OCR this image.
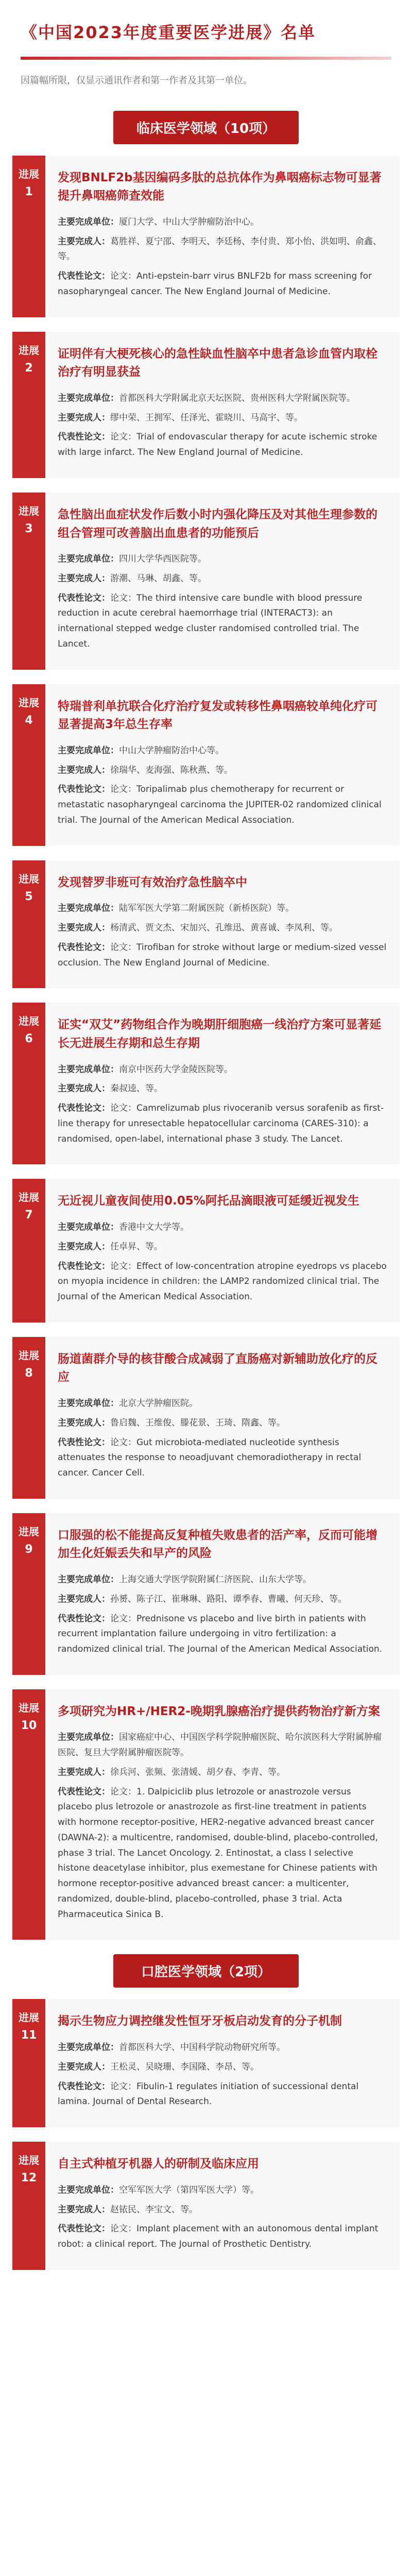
《中国2023年度重要医学进展》名单
因篇幅所限，仅显示通讯作者和第一作者及其第一单位。
临床医学领域（10项）
进展
1
发现BNLF2b基因编码多肽的总抗体作为鼻咽癌标志物可显著提升鼻咽癌筛查效能
主要完成单位：厦门大学、中山大学肿瘤防治中心。
主要完成人：葛胜祥、夏宁邵、李明天、李廷杨、李付贵、郑小怡、洪如明、俞鑫、等。
代表性论文：论文：Anti-epstein-barr virus BNLF2b for mass screening for nasopharyngeal cancer. The New England Journal of Medicine.
进展
2
证明伴有大梗死核心的急性缺血性脑卒中患者急诊血管内取栓治疗有明显获益
主要完成单位：首都医科大学附属北京天坛医院、贵州医科大学附属医院等。
主要完成人：缪中荣、王拥军、任泽光、霍晓川、马高宇、等。
代表性论文：论文：Trial of endovascular therapy for acute ischemic stroke with large infarct. The New England Journal of Medicine.
进展
3
急性脑出血症状发作后数小时内强化降压及对其他生理参数的组合管理可改善脑出血患者的功能预后
主要完成单位：四川大学华西医院等。
主要完成人：游潮、马琳、胡鑫、等。
代表性论文：论文：The third intensive care bundle with blood pressure reduction in acute cerebral haemorrhage trial (INTERACT3): an international stepped wedge cluster randomised controlled trial. The Lancet.
进展
4
特瑞普利单抗联合化疗治疗复发或转移性鼻咽癌较单纯化疗可显著提高3年总生存率
主要完成单位：中山大学肿瘤防治中心等。
主要完成人：徐瑞华、麦海强、陈秋燕、等。
代表性论文：论文：Toripalimab plus chemotherapy for recurrent or metastatic nasopharyngeal carcinoma the JUPITER-02 randomized clinical trial. The Journal of the American Medical Association.
进展
5
发现替罗非班可有效治疗急性脑卒中
主要完成单位：陆军军医大学第二附属医院（新桥医院）等。
主要完成人：杨清武、贾文杰、宋加兴、孔维迅、黄喜诚、李凤利、等。
代表性论文：论文：Tirofiban for stroke without large or medium-sized vessel occlusion. The New England Journal of Medicine.
进展
6
证实“双艾”药物组合作为晚期肝细胞癌一线治疗方案可显著延长无进展生存期和总生存期
主要完成单位：南京中医药大学金陵医院等。
主要完成人：秦叔逵、等。
代表性论文：论文：Camrelizumab plus rivoceranib versus sorafenib as first-line therapy for unresectable hepatocellular carcinoma (CARES-310): a randomised, open-label, international phase 3 study. The Lancet.
进展
7
无近视儿童夜间使用0.05%阿托品滴眼液可延缓近视发生
主要完成单位：香港中文大学等。
主要完成人：任卓昇、等。
代表性论文：论文：Effect of low-concentration atropine eyedrops vs placebo on myopia incidence in children: the LAMP2 randomized clinical trial. The Journal of the American Medical Association.
进展
8
肠道菌群介导的核苷酸合成减弱了直肠癌对新辅助放化疗的反应
主要完成单位：北京大学肿瘤医院。
主要完成人：鲁启魏、王维俊、滕花景、王琦、隋鑫、等。
代表性论文：论文：Gut microbiota-mediated nucleotide synthesis attenuates the response to neoadjuvant chemoradiotherapy in rectal cancer. Cancer Cell.
进展
9
口服强的松不能提高反复种植失败患者的活产率，反而可能增加生化妊娠丢失和早产的风险
主要完成单位：上海交通大学医学院附属仁济医院、山东大学等。
主要完成人：孙赟、陈子江、崔琳琳、路阳、谭季春、曹曦、何天珍、等。
代表性论文：论文：Prednisone vs placebo and live birth in patients with recurrent implantation failure undergoing in vitro fertilization: a randomized clinical trial. The Journal of the American Medical Association.
进展
10
多项研究为HR+/HER2-晚期乳腺癌治疗提供药物治疗新方案
主要完成单位：国家癌症中心、中国医学科学院肿瘤医院、哈尔滨医科大学附属肿瘤医院、复旦大学附属肿瘤医院等。
主要完成人：徐兵河、张频、张清媛、胡夕春、李青、等。
代表性论文：论文：1. Dalpiciclib plus letrozole or anastrozole versus placebo plus letrozole or anastrozole as first-line treatment in patients with hormone receptor-positive, HER2-negative advanced breast cancer (DAWNA-2): a multicentre, randomised, double-blind, placebo-controlled, phase 3 trial. The Lancet Oncology. 2. Entinostat, a class I selective histone deacetylase inhibitor, plus exemestane for Chinese patients with hormone receptor-positive advanced breast cancer: a multicenter, randomized, double-blind, placebo-controlled, phase 3 trial. Acta Pharmaceutica Sinica B.
口腔医学领域（2项）
进展
11
揭示生物应力调控继发性恒牙牙板启动发育的分子机制
主要完成单位：首都医科大学、中国科学院动物研究所等。
主要完成人：王松灵、吴晓珊、李国隆、李昂、等。
代表性论文：论文：Fibulin-1 regulates initiation of successional dental lamina. Journal of Dental Research.
进展
12
自主式种植牙机器人的研制及临床应用
主要完成单位：空军军医大学（第四军医大学）等。
主要完成人：赵铱民、李宝文、等。
代表性论文：论文：Implant placement with an autonomous dental implant robot: a clinical report. The Journal of Prosthetic Dentistry.
